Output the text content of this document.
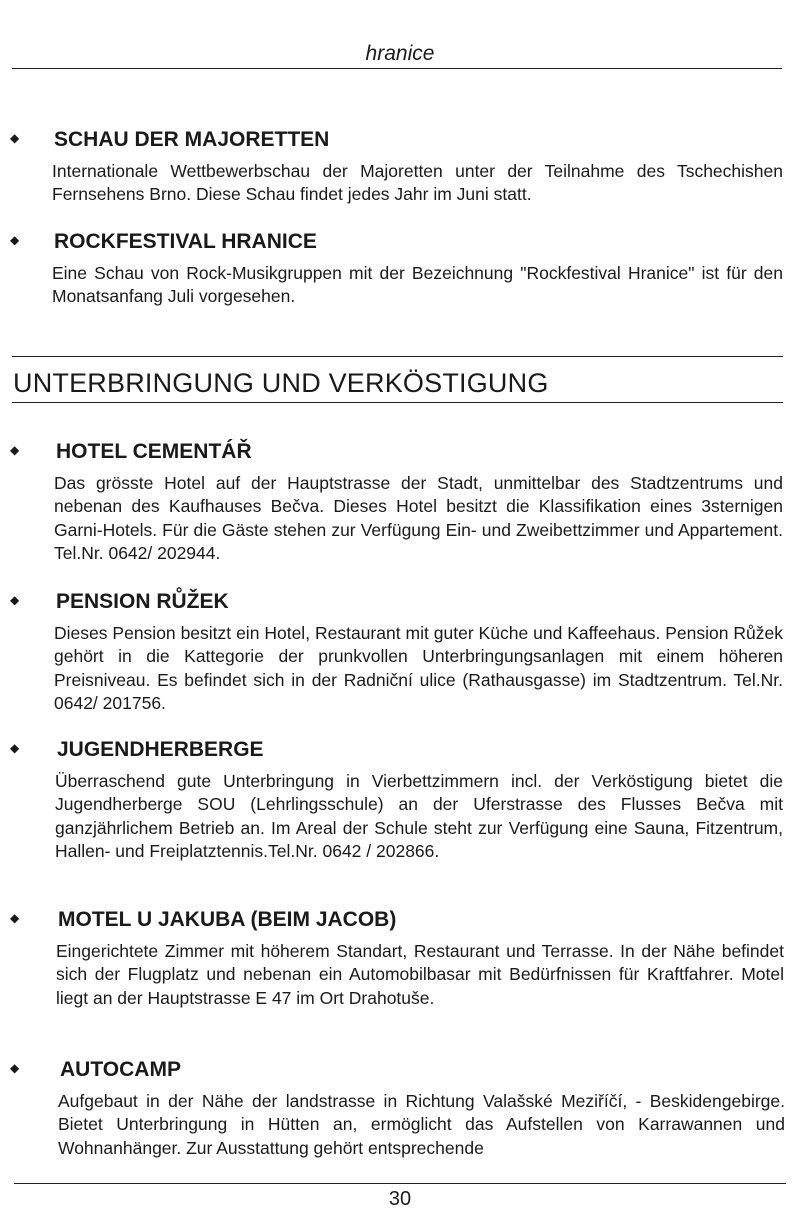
hranice
◆ SCHAU DER MAJORETTEN

Internationale Wettbewerbschau der Majoretten unter der Teilnahme des Tschechishen Fernsehens Brno. Diese Schau findet jedes Jahr im Juni statt.

◆ ROCKFESTIVAL HRANICE

Eine Schau von Rock-Musikgruppen mit der Bezeichnung "Rockfestival Hranice" ist für den Monatsanfang Juli vorgesehen.

UNTERBRINGUNG UND VERKÖSTIGUNG
◆ HOTEL CEMENTÁŘ

Das grösste Hotel auf der Hauptstrasse der Stadt, unmittelbar des Stadtzentrums und nebenan des Kaufhauses Bečva. Dieses Hotel besitzt die Klassifikation eines 3sternigen Garni-Hotels. Für die Gäste stehen zur Verfügung Ein- und Zweibettzimmer und Appartement. Tel.Nr. 0642/ 202944.

◆ PENSION RŮŽEK

Dieses Pension besitzt ein Hotel, Restaurant mit guter Küche und Kaffeehaus. Pension Růžek gehört in die Kattegorie der prunkvollen Unterbringungsanlagen mit einem höheren Preisniveau. Es befindet sich in der Radniční ulice (Rathausgasse) im Stadtzentrum. Tel.Nr. 0642/ 201756.

◆ JUGENDHERBERGE

Überraschend gute Unterbringung in Vierbettzimmern incl. der Verköstigung bietet die Jugendherberge SOU (Lehrlingsschule) an der Uferstrasse des Flusses Bečva mit ganzjährlichem Betrieb an. Im Areal der Schule steht zur Verfügung eine Sauna, Fitzentrum, Hallen- und Freiplatztennis.Tel.Nr. 0642 / 202866.

◆ MOTEL U JAKUBA (BEIM JACOB)

Eingerichtete Zimmer mit höherem Standart, Restaurant und Terrasse. In der Nähe befindet sich der Flugplatz und nebenan ein Automobilbasar mit Bedürfnissen für Kraftfahrer. Motel liegt an der Hauptstrasse E 47 im Ort Drahotuše.

◆ AUTOCAMP

Aufgebaut in der Nähe der landstrasse in Richtung Valašské Meziříčí, - Beskidengebirge. Bietet Unterbringung in Hütten an, ermöglicht das Aufstellen von Karrawannen und Wohnanhänger. Zur Ausstattung gehört entsprechende

30
